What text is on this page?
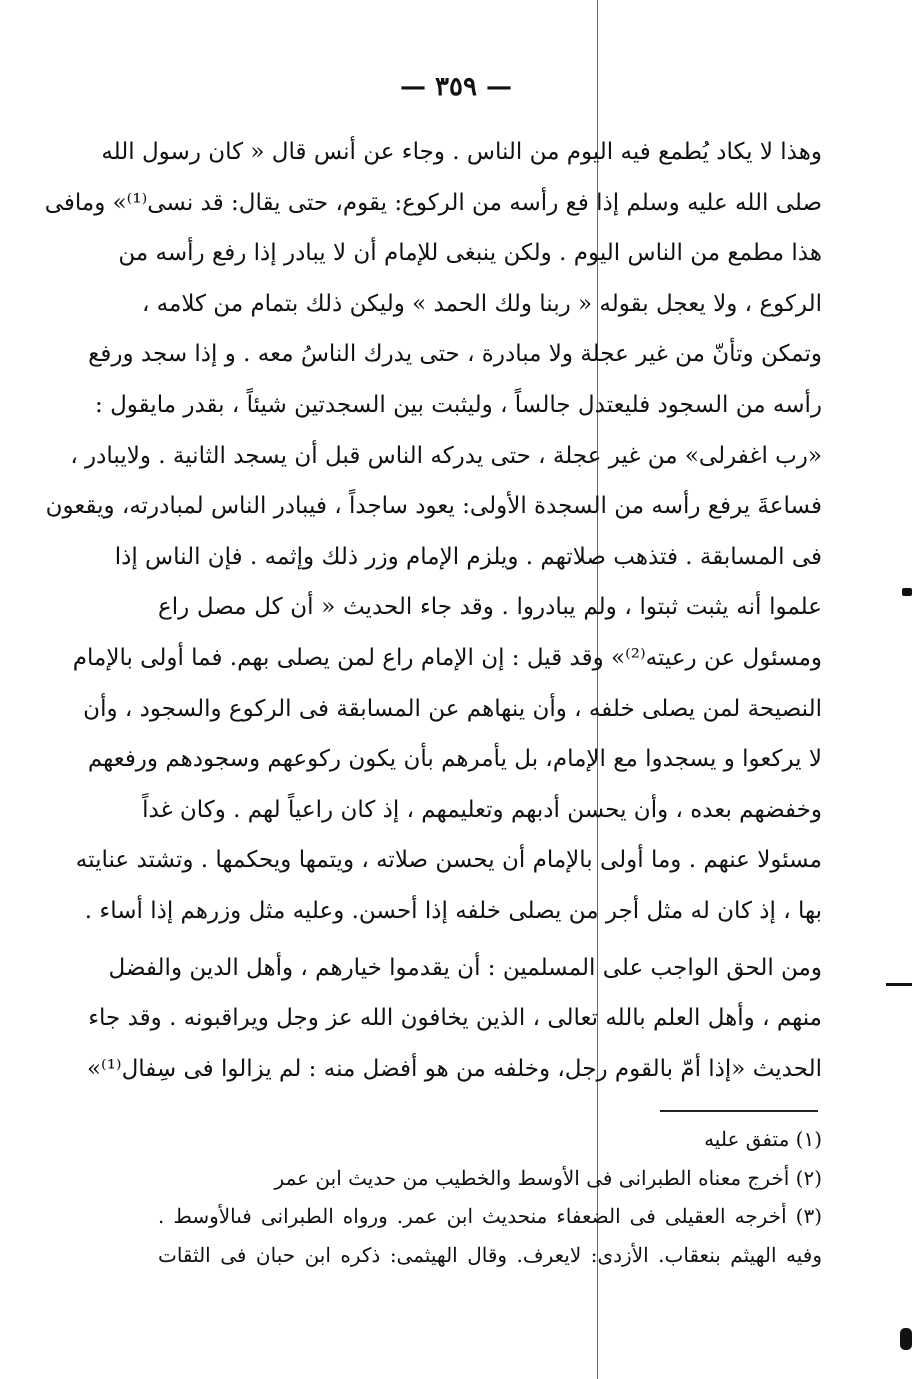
— ٣٥٩ —
وهذا لا يكاد يُطمع فيه اليوم من الناس . وجاء عن أنس قال « كان رسول الله
صلى الله عليه وسلم إذا فع رأسه من الركوع: يقوم، حتى يقال: قد نسى⁽¹⁾» ومافى
هذا مطمع من الناس اليوم . ولكن ينبغى للإمام أن لا يبادر إذا رفع رأسه من
الركوع ، ولا يعجل بقوله « ربنا ولك الحمد » وليكن ذلك بتمام من كلامه ،
وتمكن وتأنّ من غير عجلة ولا مبادرة ، حتى يدرك الناسُ معه . و إذا سجد ورفع
رأسه من السجود فليعتدل جالساً ، وليثبت بين السجدتين شيئاً ، بقدر مايقول :
«رب اغفرلى» من غير عجلة ، حتى يدركه الناس قبل أن يسجد الثانية . ولايبادر ،
فساعةَ يرفع رأسه من السجدة الأولى: يعود ساجداً ، فيبادر الناس لمبادرته، ويقعون
فى المسابقة . فتذهب صلاتهم . ويلزم الإمام وزر ذلك وإثمه . فإن الناس إذا
علموا أنه يثبت ثبتوا ، ولم يبادروا . وقد جاء الحديث « أن كل مصل راع
ومسئول عن رعيته⁽²⁾» وقد قيل : إن الإمام راع لمن يصلى بهم. فما أولى بالإمام
النصيحة لمن يصلى خلفه ، وأن ينهاهم عن المسابقة فى الركوع والسجود ، وأن
لا يركعوا و يسجدوا مع الإمام، بل يأمرهم بأن يكون ركوعهم وسجودهم ورفعهم
وخفضهم بعده ، وأن يحسن أدبهم وتعليمهم ، إذ كان راعياً لهم . وكان غداً
مسئولا عنهم . وما أولى بالإمام أن يحسن صلاته ، ويتمها ويحكمها . وتشتد عنايته
بها ، إذ كان له مثل أجر من يصلى خلفه إذا أحسن. وعليه مثل وزرهم إذا أساء .
ومن الحق الواجب على المسلمين : أن يقدموا خيارهم ، وأهل الدين والفضل
منهم ، وأهل العلم بالله تعالى ، الذين يخافون الله عز وجل ويراقبونه . وقد جاء
الحديث «إذا أمّ بالقوم رجل، وخلفه من هو أفضل منه : لم يزالوا فى سِفال⁽¹⁾»
(١) متفق عليه
(٢) أخرج معناه الطبرانى فى الأوسط والخطيب من حديث ابن عمر
(٣) أخرجه العقيلى فى الضعفاء منحديث ابن عمر. ورواه الطبرانى فىالأوسط .
وفيه الهيثم بنعقاب. الأزدى: لايعرف. وقال الهيثمى: ذكره ابن حبان فى الثقات
